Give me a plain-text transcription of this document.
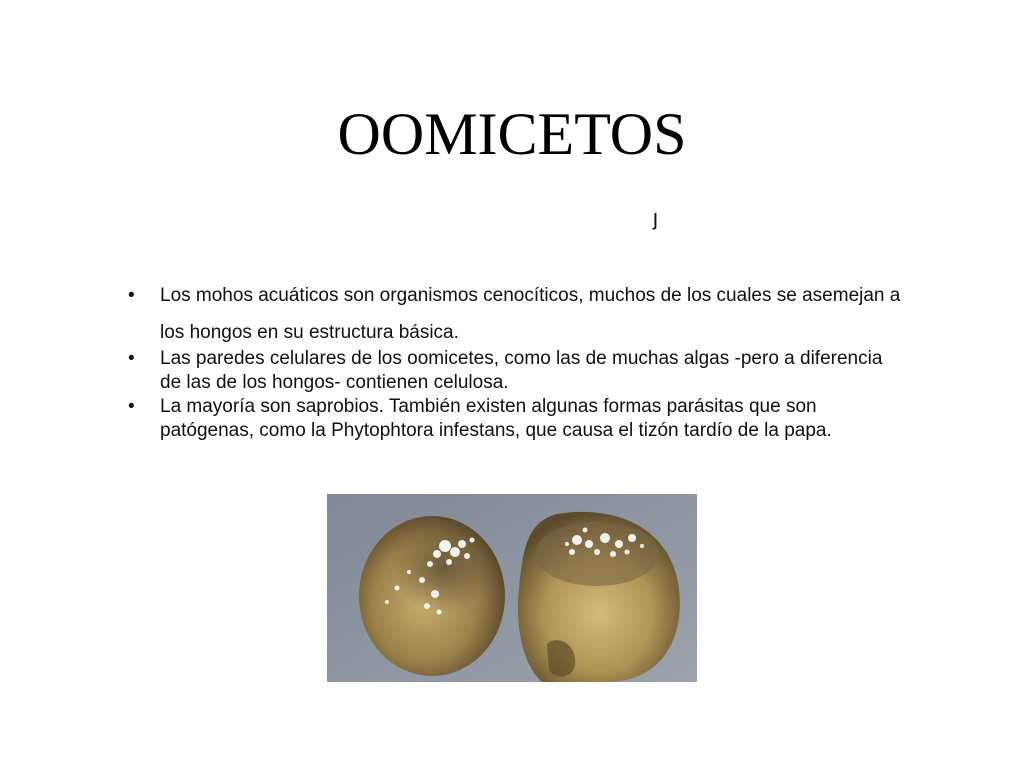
OOMICETOS
ȷ
• Los mohos acuáticos son organismos cenocíticos, muchos de los cuales se asemejan a los hongos en su estructura básica.
• Las paredes celulares de los oomicetes, como las de muchas algas -pero a diferencia de las de los hongos- contienen celulosa.
• La mayoría son saprobios. También existen algunas formas parásitas que son patógenas, como la Phytophtora infestans, que causa el tizón tardío de la papa.
